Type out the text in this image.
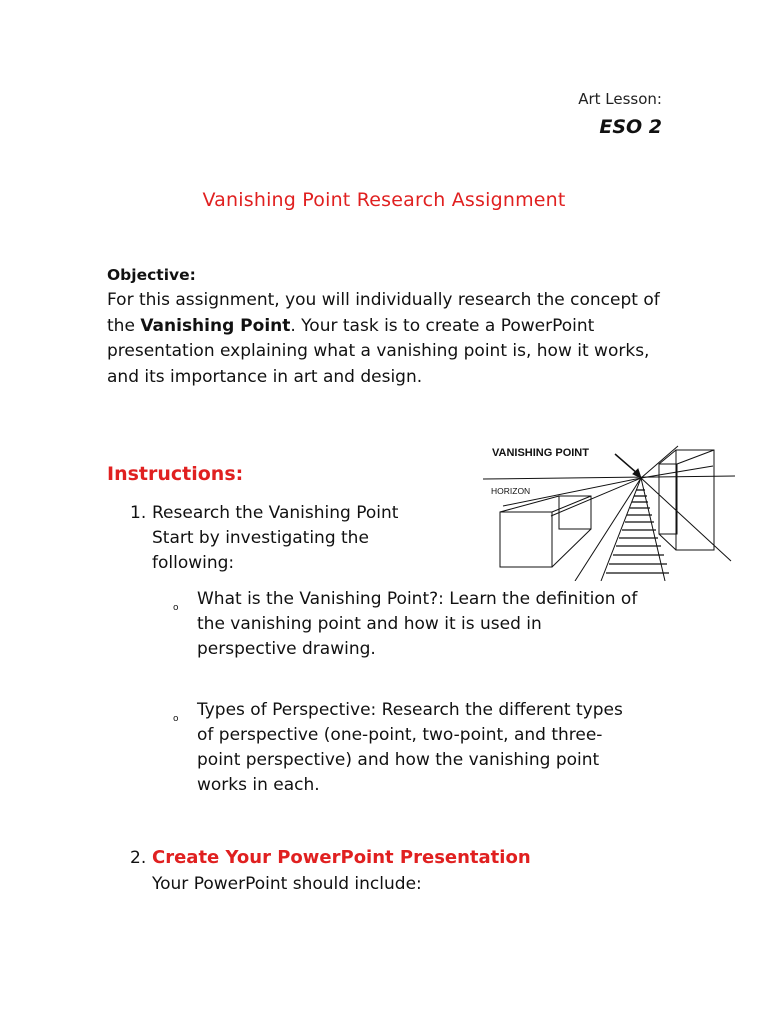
Art Lesson:
ESO 2
Vanishing Point Research Assignment
Objective:
For this assignment, you will individually research the concept of the Vanishing Point. Your task is to create a PowerPoint presentation explaining what a vanishing point is, how it works, and its importance in art and design.
Instructions:
1. Research the Vanishing Point Start by investigating the following:
o What is the Vanishing Point?: Learn the definition of the vanishing point and how it is used in perspective drawing.
o Types of Perspective: Research the different types of perspective (one-point, two-point, and three-point perspective) and how the vanishing point works in each.
2. Create Your PowerPoint Presentation
Your PowerPoint should include:
VANISHING POINT
HORIZON
